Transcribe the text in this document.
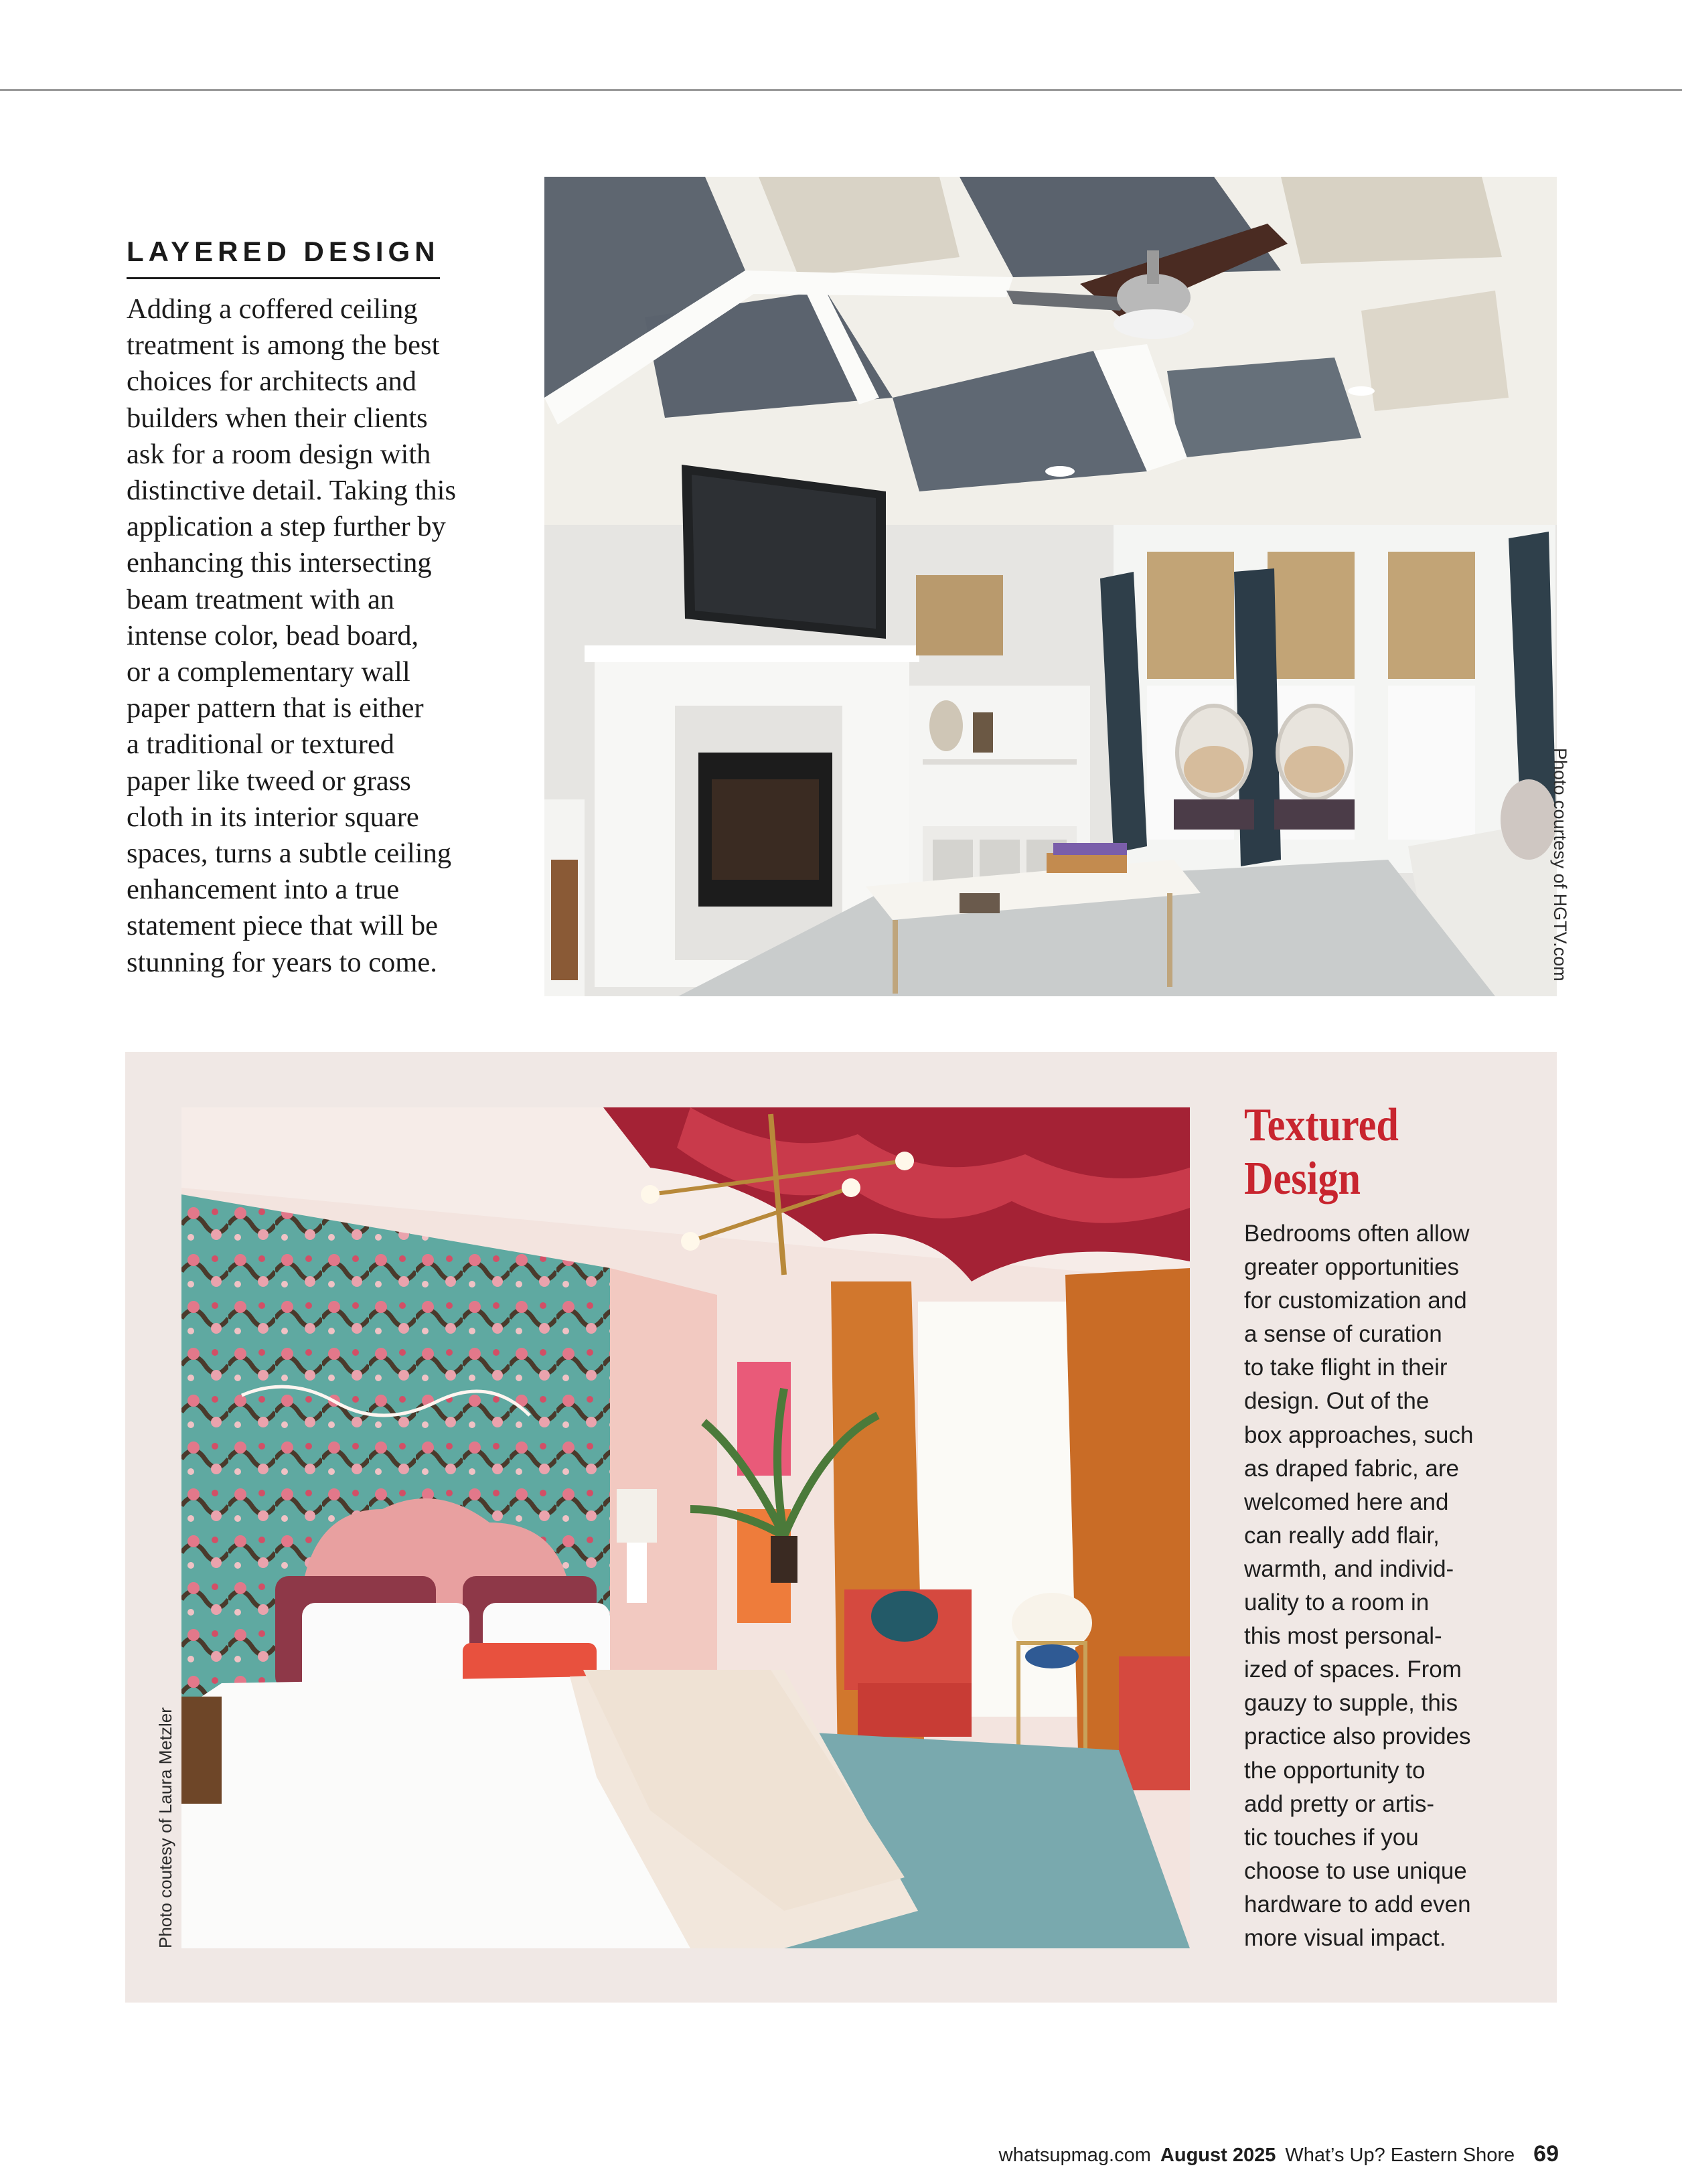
LAYERED DESIGN
Adding a coffered ceiling
treatment is among the best
choices for architects and
builders when their clients
ask for a room design with
distinctive detail. Taking this
application a step further by
enhancing this intersecting
beam treatment with an
intense color, bead board,
or a complementary wall
paper pattern that is either
a traditional or textured
paper like tweed or grass
cloth in its interior square
spaces, turns a subtle ceiling
enhancement into a true
statement piece that will be
stunning for years to come.	Photo courtesy of HGTV.com
Photo coutesy of Laura Metzler
Textured
Design
Bedrooms often allow
greater opportunities
for customization and
a sense of curation
to take flight in their
design. Out of the
box approaches, such
as draped fabric, are
welcomed here and
can really add flair,
warmth, and individ-
uality to a room in
this most personal-
ized of spaces. From
gauzy to supple, this
practice also provides
the opportunity to
add pretty or artis-
tic touches if you
choose to use unique
hardware to add even
more visual impact.
whatsupmag.com August 2025 What’s Up? Eastern Shore 69
